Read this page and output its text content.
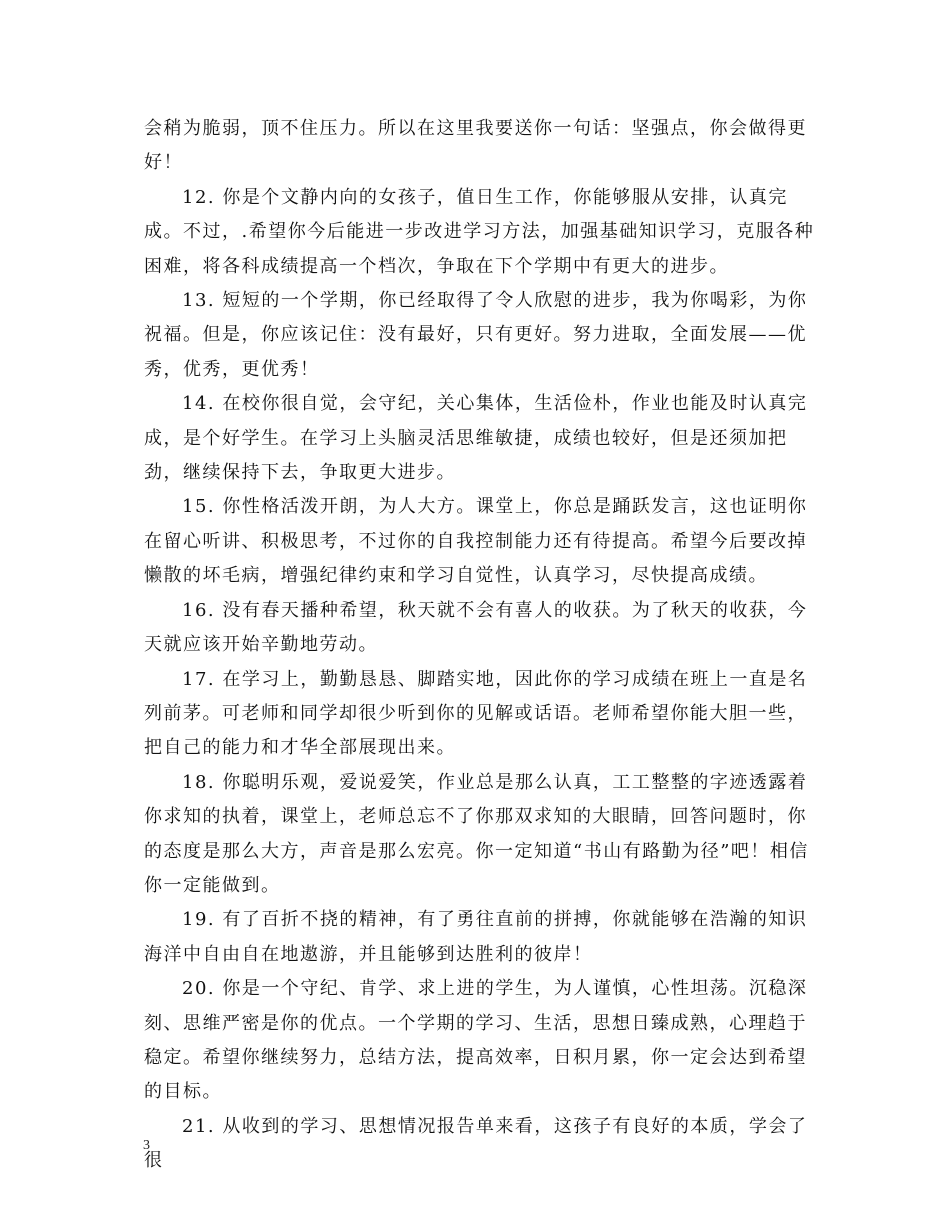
会稍为脆弱，顶不住压力。所以在这里我要送你一句话：坚强点，你会做得更好！

12. 你是个文静内向的女孩子，值日生工作，你能够服从安排，认真完成。不过，.希望你今后能进一步改进学习方法，加强基础知识学习，克服各种困难，将各科成绩提高一个档次，争取在下个学期中有更大的进步。

13. 短短的一个学期，你已经取得了令人欣慰的进步，我为你喝彩，为你祝福。但是，你应该记住：没有最好，只有更好。努力进取，全面发展——优秀，优秀，更优秀！

14. 在校你很自觉，会守纪，关心集体，生活俭朴，作业也能及时认真完成，是个好学生。在学习上头脑灵活思维敏捷，成绩也较好，但是还须加把劲，继续保持下去，争取更大进步。

15. 你性格活泼开朗，为人大方。课堂上，你总是踊跃发言，这也证明你在留心听讲、积极思考，不过你的自我控制能力还有待提高。希望今后要改掉懒散的坏毛病，增强纪律约束和学习自觉性，认真学习，尽快提高成绩。

16. 没有春天播种希望，秋天就不会有喜人的收获。为了秋天的收获，今天就应该开始辛勤地劳动。

17. 在学习上，勤勤恳恳、脚踏实地，因此你的学习成绩在班上一直是名列前茅。可老师和同学却很少听到你的见解或话语。老师希望你能大胆一些，把自己的能力和才华全部展现出来。

18. 你聪明乐观，爱说爱笑，作业总是那么认真，工工整整的字迹透露着你求知的执着，课堂上，老师总忘不了你那双求知的大眼睛，回答问题时，你的态度是那么大方，声音是那么宏亮。你一定知道“书山有路勤为径”吧！相信你一定能做到。

19. 有了百折不挠的精神，有了勇往直前的拼搏，你就能够在浩瀚的知识海洋中自由自在地遨游，并且能够到达胜利的彼岸！

20. 你是一个守纪、肯学、求上进的学生，为人谨慎，心性坦荡。沉稳深刻、思维严密是你的优点。一个学期的学习、生活，思想日臻成熟，心理趋于稳定。希望你继续努力，总结方法，提高效率，日积月累，你一定会达到希望的目标。

21. 从收到的学习、思想情况报告单来看，这孩子有良好的本质，学会了很

3
